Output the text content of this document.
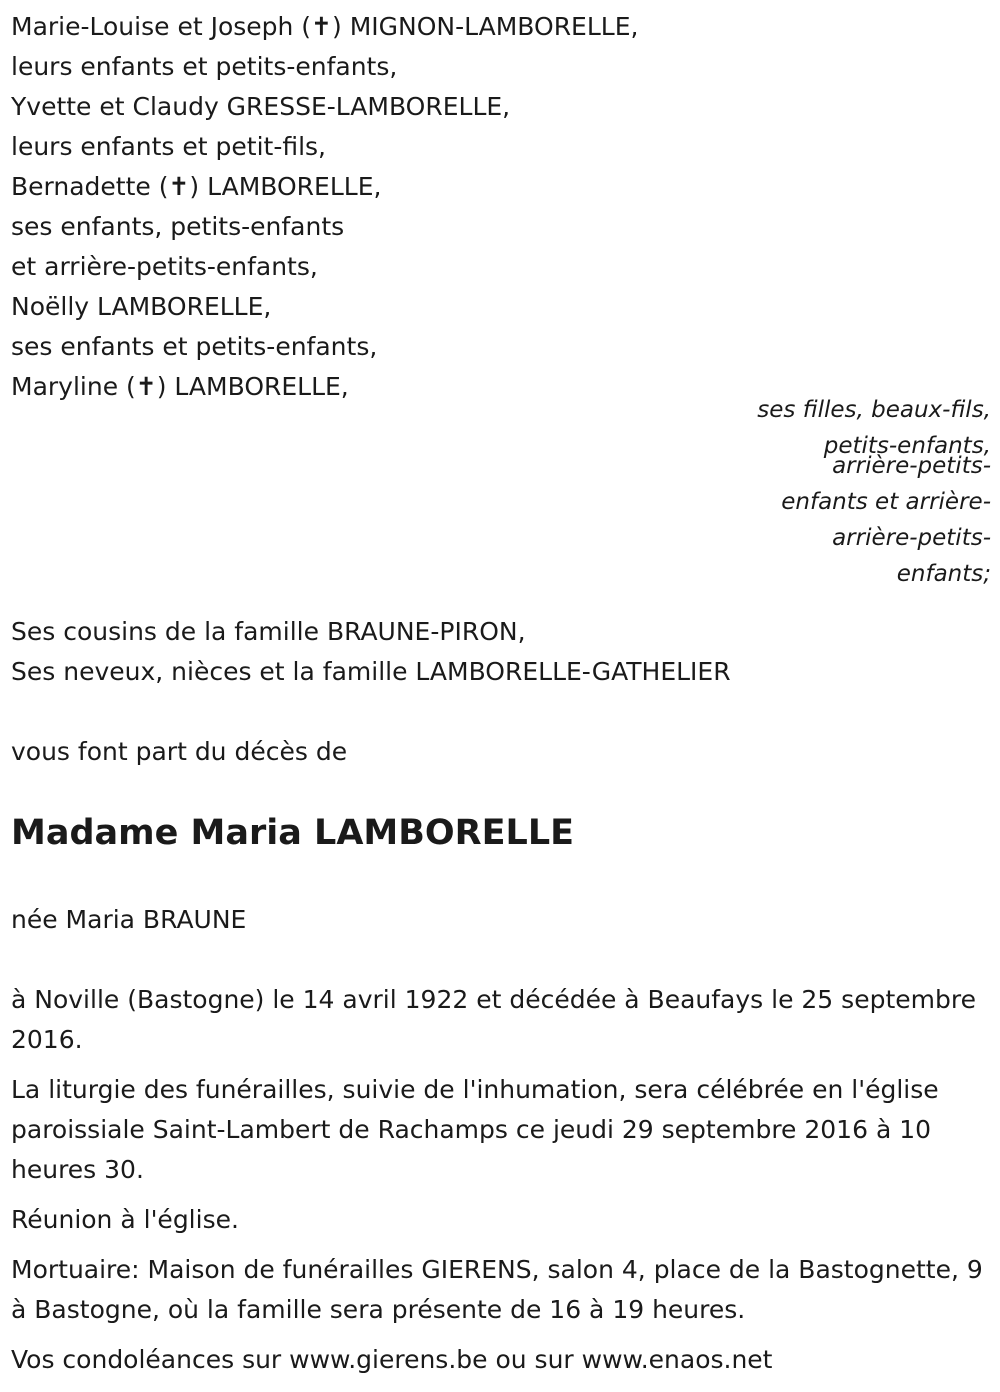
Marie-Louise et Joseph (✝) MIGNON-LAMBORELLE,
leurs enfants et petits-enfants,
Yvette et Claudy GRESSE-LAMBORELLE,
leurs enfants et petit-fils,
Bernadette (✝) LAMBORELLE,
ses enfants, petits-enfants
et arrière-petits-enfants,
Noëlly LAMBORELLE,
ses enfants et petits-enfants,
Maryline (✝) LAMBORELLE,
ses filles, beaux-fils,
petits-enfants,
arrière-petits-
enfants et arrière-
arrière-petits-
enfants;
Ses cousins de la famille BRAUNE-PIRON,
Ses neveux, nièces et la famille LAMBORELLE-GATHELIER
vous font part du décès de
Madame Maria LAMBORELLE
née Maria BRAUNE

à Noville (Bastogne) le 14 avril 1922 et décédée à Beaufays le 25 septembre 2016.

La liturgie des funérailles, suivie de l'inhumation, sera célébrée en l'église paroissiale Saint-Lambert de Rachamps ce jeudi 29 septembre 2016 à 10 heures 30.

Réunion à l'église.

Mortuaire: Maison de funérailles GIERENS, salon 4, place de la Bastognette, 9 à Bastogne, où la famille sera présente de 16 à 19 heures.

Vos condoléances sur www.gierens.be ou sur www.enaos.net
